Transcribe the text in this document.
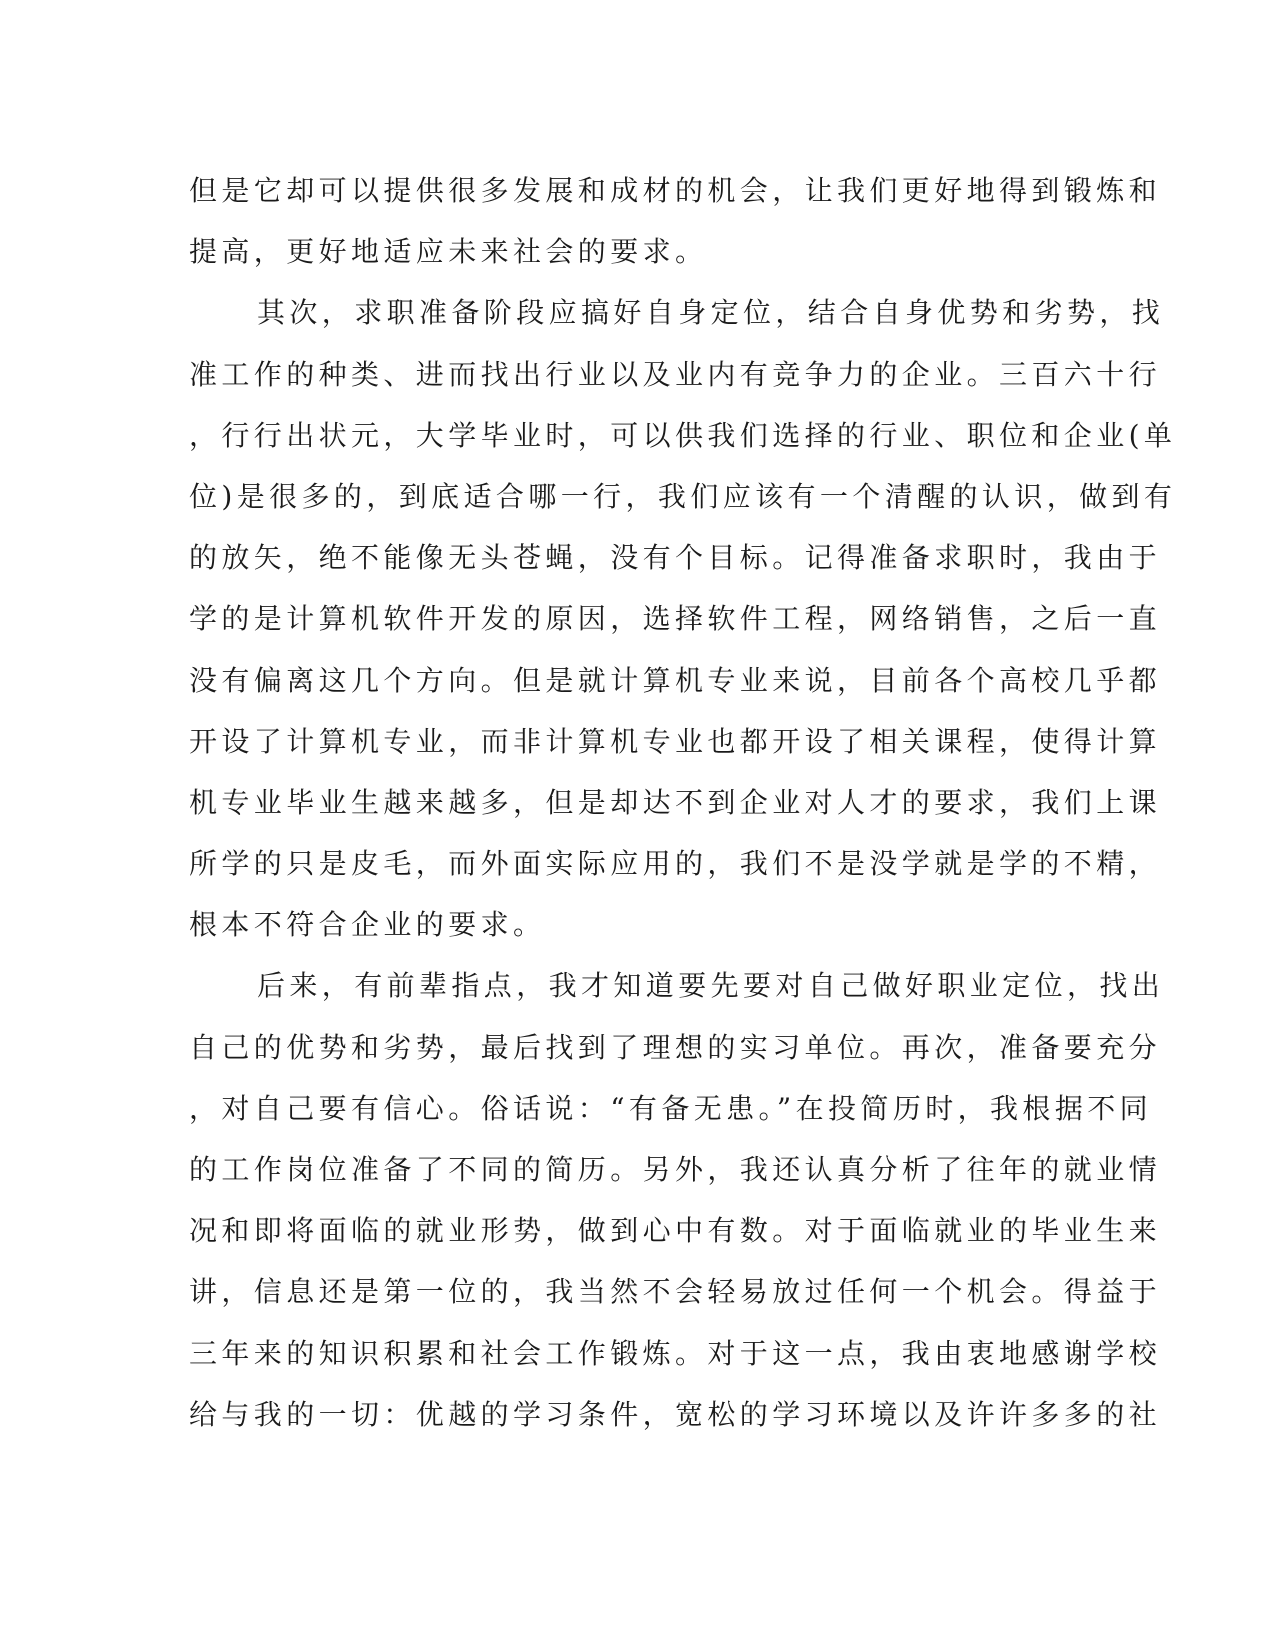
但是它却可以提供很多发展和成材的机会，让我们更好地得到锻炼和
提高，更好地适应未来社会的要求。
其次，求职准备阶段应搞好自身定位，结合自身优势和劣势，找
准工作的种类、进而找出行业以及业内有竞争力的企业。三百六十行
，行行出状元，大学毕业时，可以供我们选择的行业、职位和企业(单
位)是很多的，到底适合哪一行，我们应该有一个清醒的认识，做到有
的放矢，绝不能像无头苍蝇，没有个目标。记得准备求职时，我由于
学的是计算机软件开发的原因，选择软件工程，网络销售，之后一直
没有偏离这几个方向。但是就计算机专业来说，目前各个高校几乎都
开设了计算机专业，而非计算机专业也都开设了相关课程，使得计算
机专业毕业生越来越多，但是却达不到企业对人才的要求，我们上课
所学的只是皮毛，而外面实际应用的，我们不是没学就是学的不精，
根本不符合企业的要求。
后来，有前辈指点，我才知道要先要对自己做好职业定位，找出
自己的优势和劣势，最后找到了理想的实习单位。再次，准备要充分
，对自己要有信心。俗话说：“有备无患。”在投简历时，我根据不同
的工作岗位准备了不同的简历。另外，我还认真分析了往年的就业情
况和即将面临的就业形势，做到心中有数。对于面临就业的毕业生来
讲，信息还是第一位的，我当然不会轻易放过任何一个机会。得益于
三年来的知识积累和社会工作锻炼。对于这一点，我由衷地感谢学校
给与我的一切：优越的学习条件，宽松的学习环境以及许许多多的社
